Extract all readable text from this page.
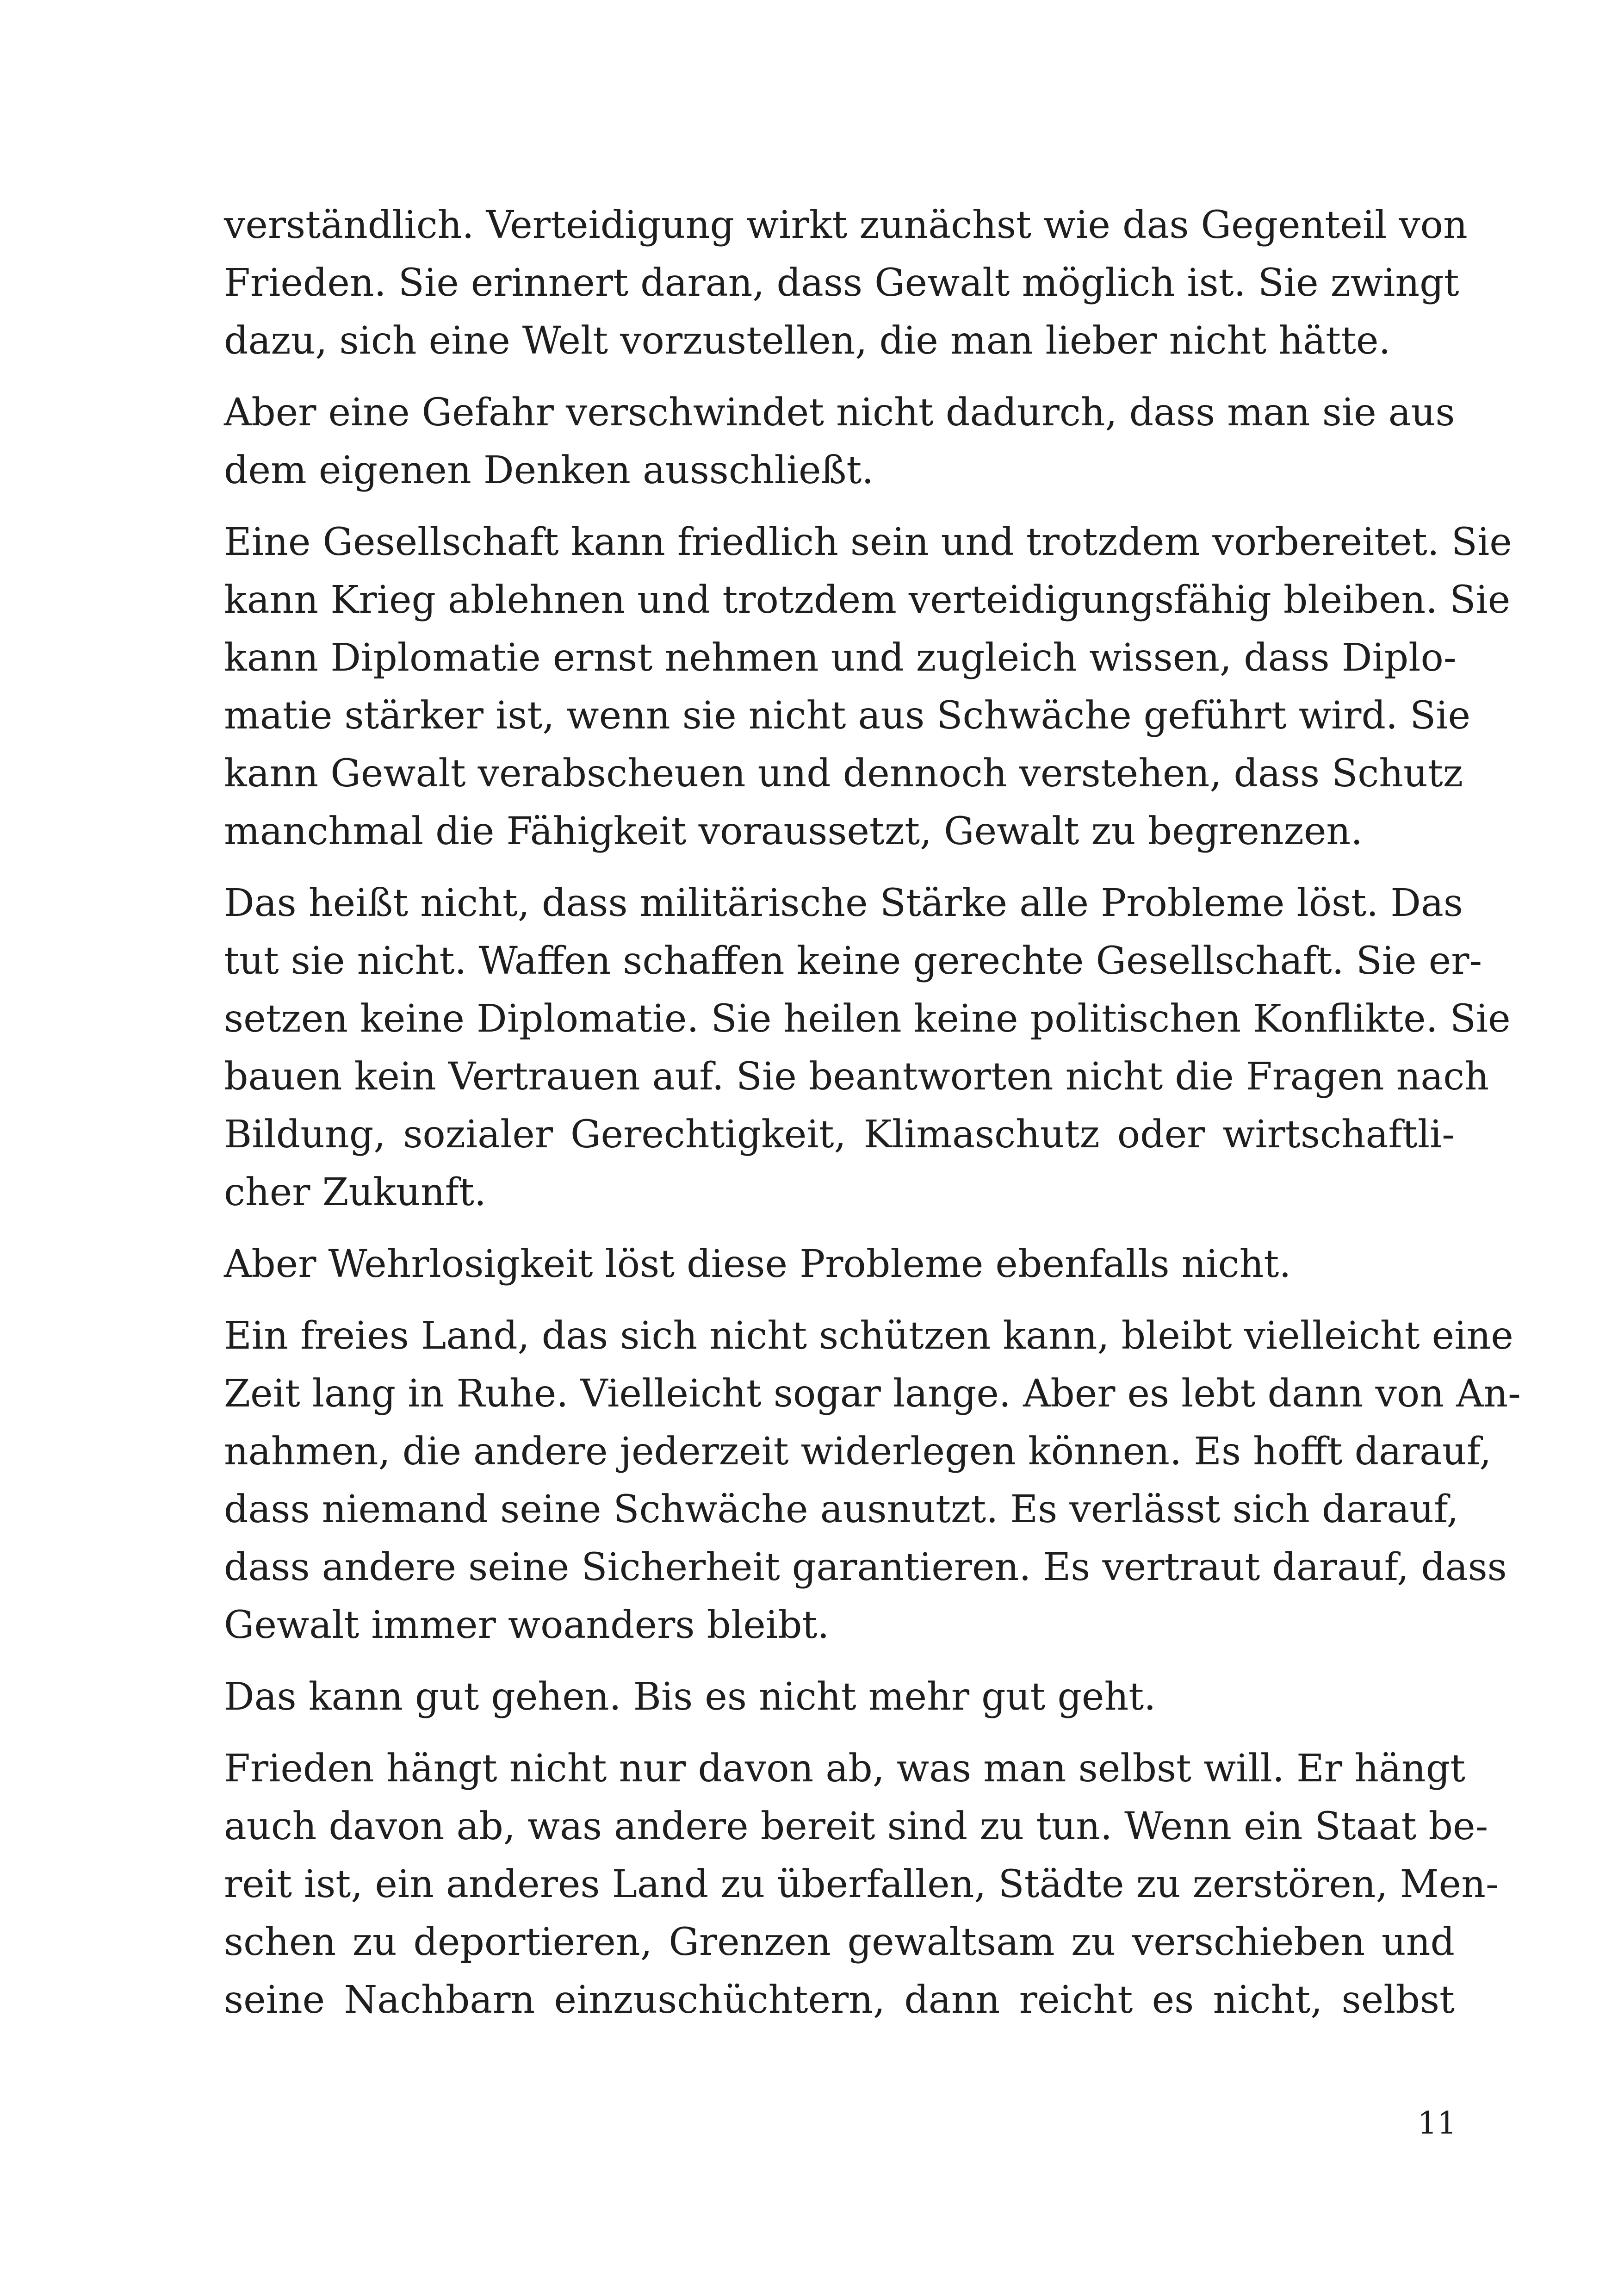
verständlich. Verteidigung wirkt zunächst wie das Gegenteil von
Frieden. Sie erinnert daran, dass Gewalt möglich ist. Sie zwingt
dazu, sich eine Welt vorzustellen, die man lieber nicht hätte.
Aber eine Gefahr verschwindet nicht dadurch, dass man sie aus
dem eigenen Denken ausschließt.
Eine Gesellschaft kann friedlich sein und trotzdem vorbereitet. Sie
kann Krieg ablehnen und trotzdem verteidigungsfähig bleiben. Sie
kann Diplomatie ernst nehmen und zugleich wissen, dass Diplo-
matie stärker ist, wenn sie nicht aus Schwäche geführt wird. Sie
kann Gewalt verabscheuen und dennoch verstehen, dass Schutz
manchmal die Fähigkeit voraussetzt, Gewalt zu begrenzen.
Das heißt nicht, dass militärische Stärke alle Probleme löst. Das
tut sie nicht. Waffen schaffen keine gerechte Gesellschaft. Sie er-
setzen keine Diplomatie. Sie heilen keine politischen Konflikte. Sie
bauen kein Vertrauen auf. Sie beantworten nicht die Fragen nach
Bildung, sozialer Gerechtigkeit, Klimaschutz oder wirtschaftli-
cher Zukunft.
Aber Wehrlosigkeit löst diese Probleme ebenfalls nicht.
Ein freies Land, das sich nicht schützen kann, bleibt vielleicht eine
Zeit lang in Ruhe. Vielleicht sogar lange. Aber es lebt dann von An-
nahmen, die andere jederzeit widerlegen können. Es hofft darauf,
dass niemand seine Schwäche ausnutzt. Es verlässt sich darauf,
dass andere seine Sicherheit garantieren. Es vertraut darauf, dass
Gewalt immer woanders bleibt.
Das kann gut gehen. Bis es nicht mehr gut geht.
Frieden hängt nicht nur davon ab, was man selbst will. Er hängt
auch davon ab, was andere bereit sind zu tun. Wenn ein Staat be-
reit ist, ein anderes Land zu überfallen, Städte zu zerstören, Men-
schen zu deportieren, Grenzen gewaltsam zu verschieben und
seine Nachbarn einzuschüchtern, dann reicht es nicht, selbst
11
